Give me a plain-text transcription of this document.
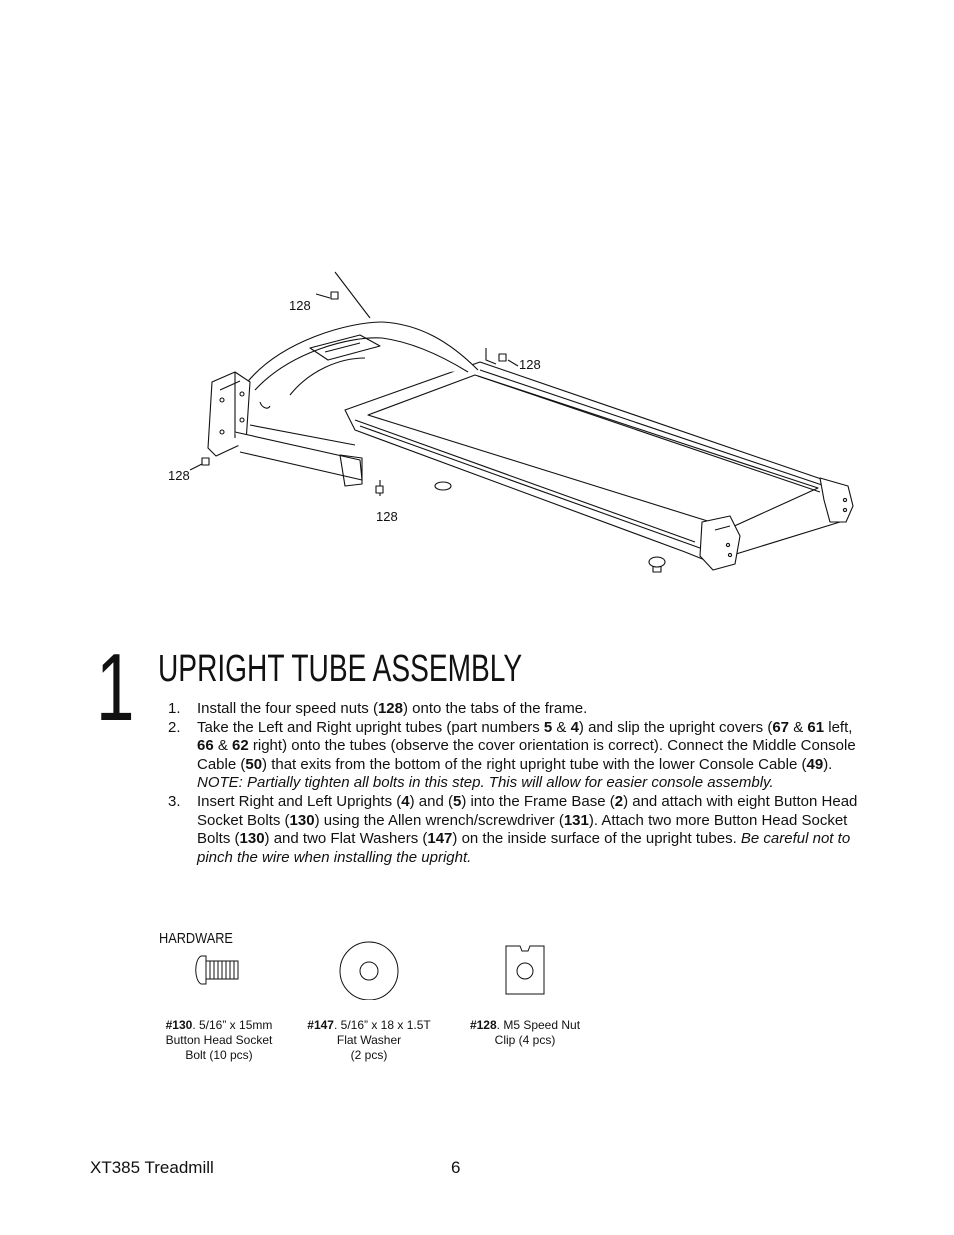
128
128
128
128
1 UPRIGHT TUBE ASSEMBLY
1.	Install the four speed nuts (128) onto the tabs of the frame.
2.	Take the Left and Right upright tubes (part numbers 5 & 4) and slip the upright covers (67 & 61 left, 66 & 62 right) onto the tubes (observe the cover orientation is correct). Connect the Middle Console Cable (50) that exits from the bottom of the right upright tube with the lower Console Cable (49). NOTE: Partially tighten all bolts in this step. This will allow for easier console assembly.
3.	Insert Right and Left Uprights (4) and (5) into the Frame Base (2) and attach with eight Button Head Socket Bolts (130) using the Allen wrench/screwdriver (131). Attach two more Button Head Socket Bolts (130) and two Flat Washers (147) on the inside surface of the upright tubes. Be careful not to pinch the wire when installing the upright.
HARDWARE
#130. 5/16” x 15mm
Button Head Socket
Bolt (10 pcs)
#147. 5/16” x 18 x 1.5T
Flat Washer
(2 pcs)
#128. M5 Speed Nut
Clip (4 pcs)
XT385 Treadmill	6
